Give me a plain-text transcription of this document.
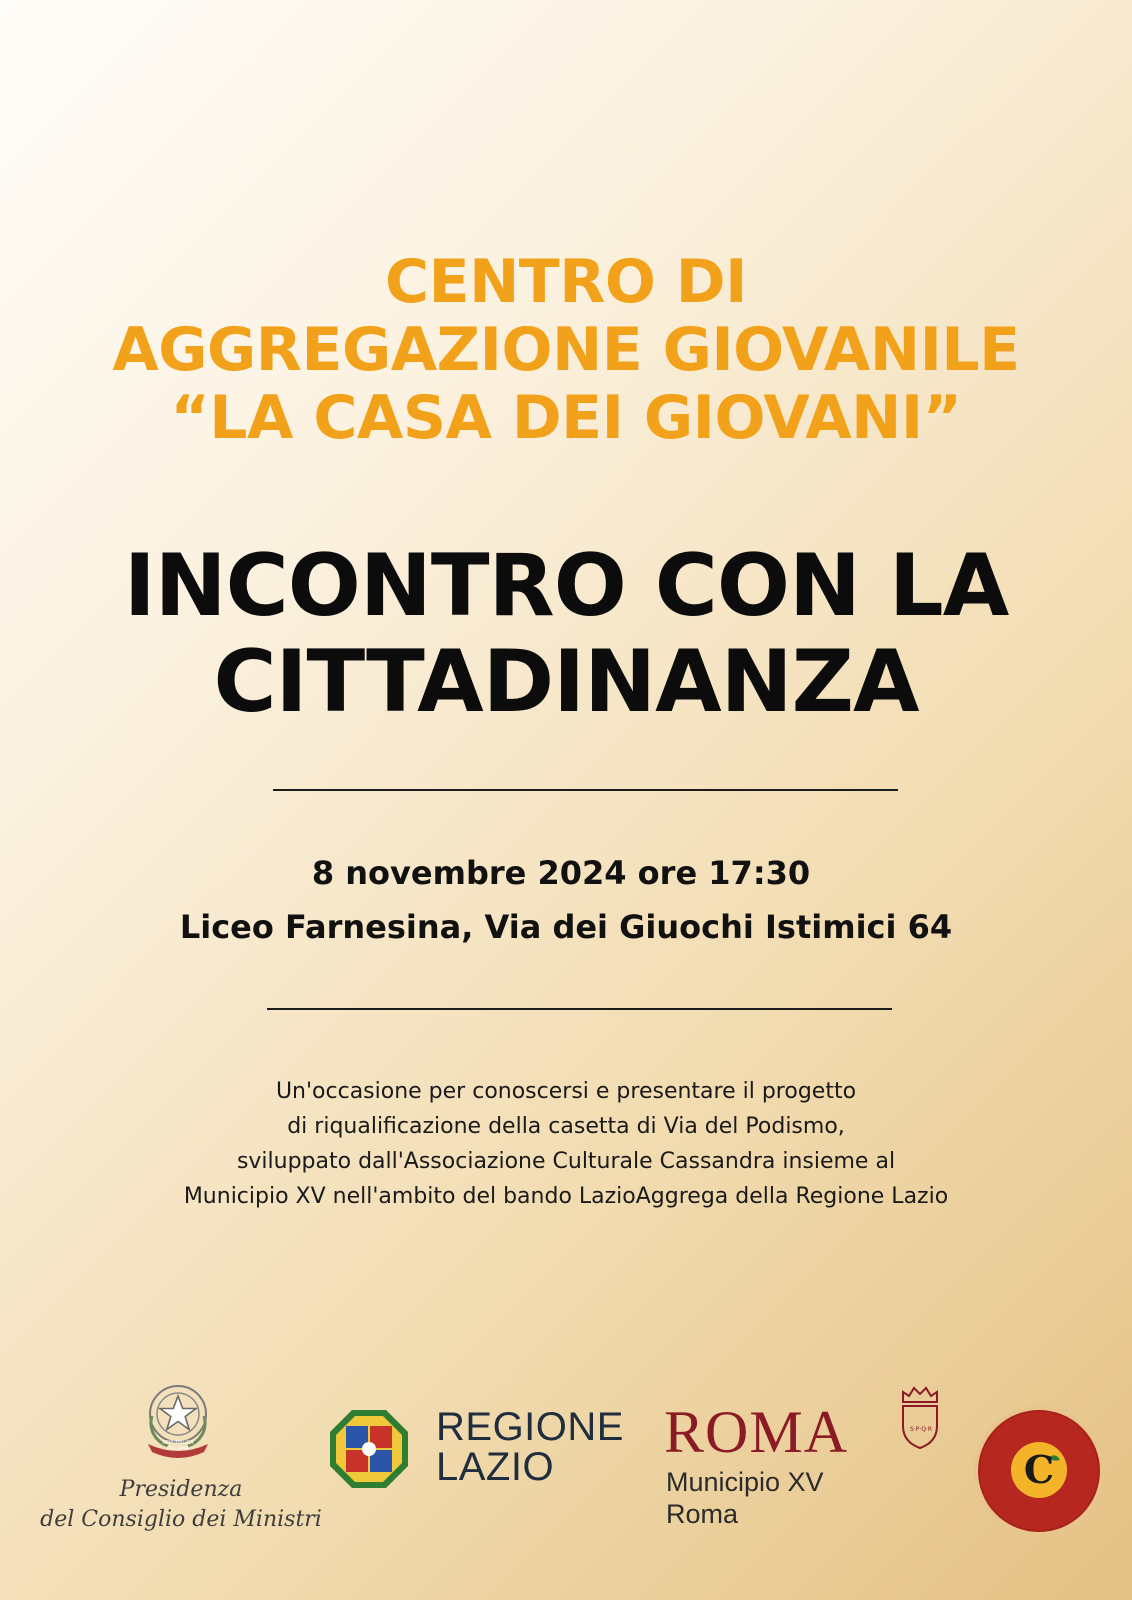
CENTRO DI
AGGREGAZIONE GIOVANILE
“LA CASA DEI GIOVANI”
INCONTRO CON LA
CITTADINANZA
8 novembre 2024 ore 17:30
Liceo Farnesina, Via dei Giuochi Istimici 64
Un'occasione per conoscersi e presentare il progetto
di riqualificazione della casetta di Via del Podismo,
sviluppato dall'Associazione Culturale Cassandra insieme al
Municipio XV nell'ambito del bando LazioAggrega della Regione Lazio
REPUBBLICA ITALIANA
Presidenza
del Consiglio dei Ministri
REGIONE
LAZIO
ROMA
Municipio XV
Roma
S·P·Q·R
C
